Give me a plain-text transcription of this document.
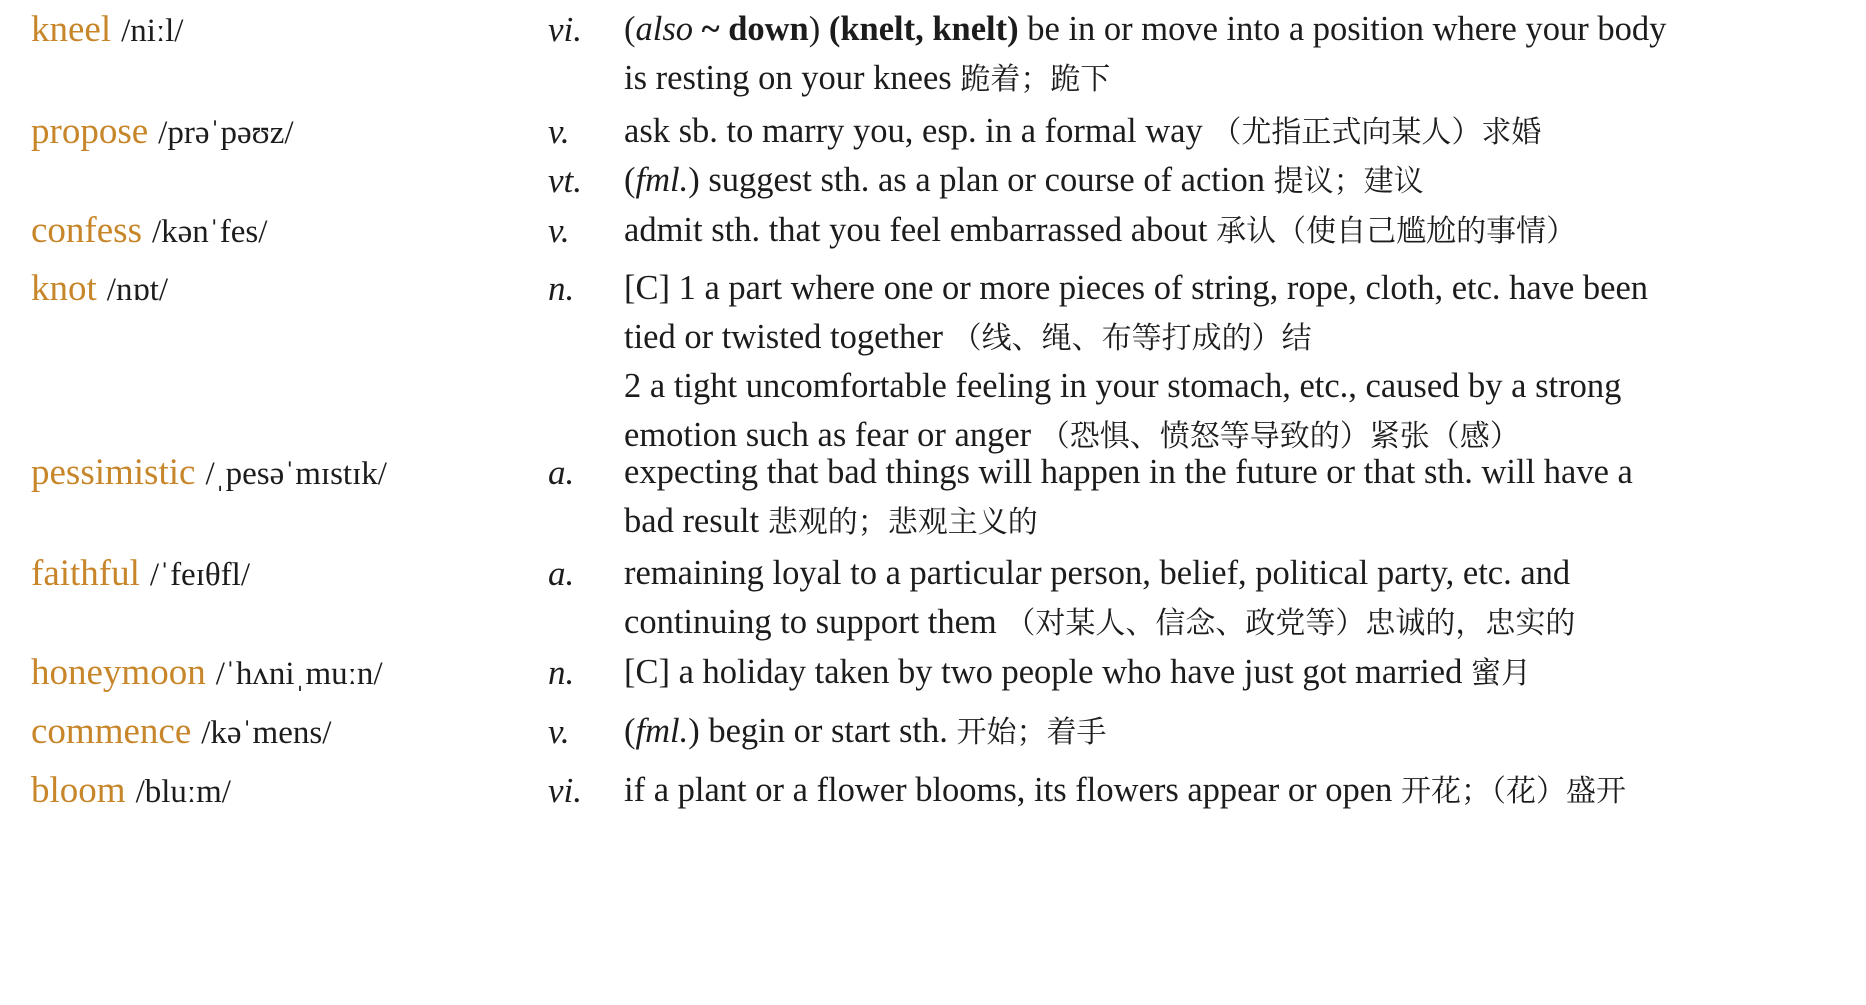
kneel /niːl/	vi. (also ~ down) (knelt, knelt) be in or move into a position where your body
is resting on your knees 跪着；跪下
propose /prəˈpəʊz/	v. ask sb. to marry you, esp. in a formal way （尤指正式向某人）求婚
vt. (fml.) suggest sth. as a plan or course of action 提议；建议
confess /kənˈfes/	v. admit sth. that you feel embarrassed about 承认（使自己尴尬的事情）
knot /nɒt/	n. [C] 1 a part where one or more pieces of string, rope, cloth, etc. have been
tied or twisted together （线、绳、布等打成的）结
2 a tight uncomfortable feeling in your stomach, etc., caused by a strong
emotion such as fear or anger （恐惧、愤怒等导致的）紧张（感）
pessimistic /ˌpesəˈmɪstɪk/	a. expecting that bad things will happen in the future or that sth. will have a
bad result 悲观的；悲观主义的
faithful /ˈfeɪθfl/	a. remaining loyal to a particular person, belief, political party, etc. and
continuing to support them （对某人、信念、政党等）忠诚的，忠实的
honeymoon /ˈhʌniˌmuːn/	n. [C] a holiday taken by two people who have just got married 蜜月
commence /kəˈmens/	v. (fml.) begin or start sth. 开始；着手
bloom /bluːm/	vi. if a plant or a flower blooms, its flowers appear or open 开花；（花）盛开
